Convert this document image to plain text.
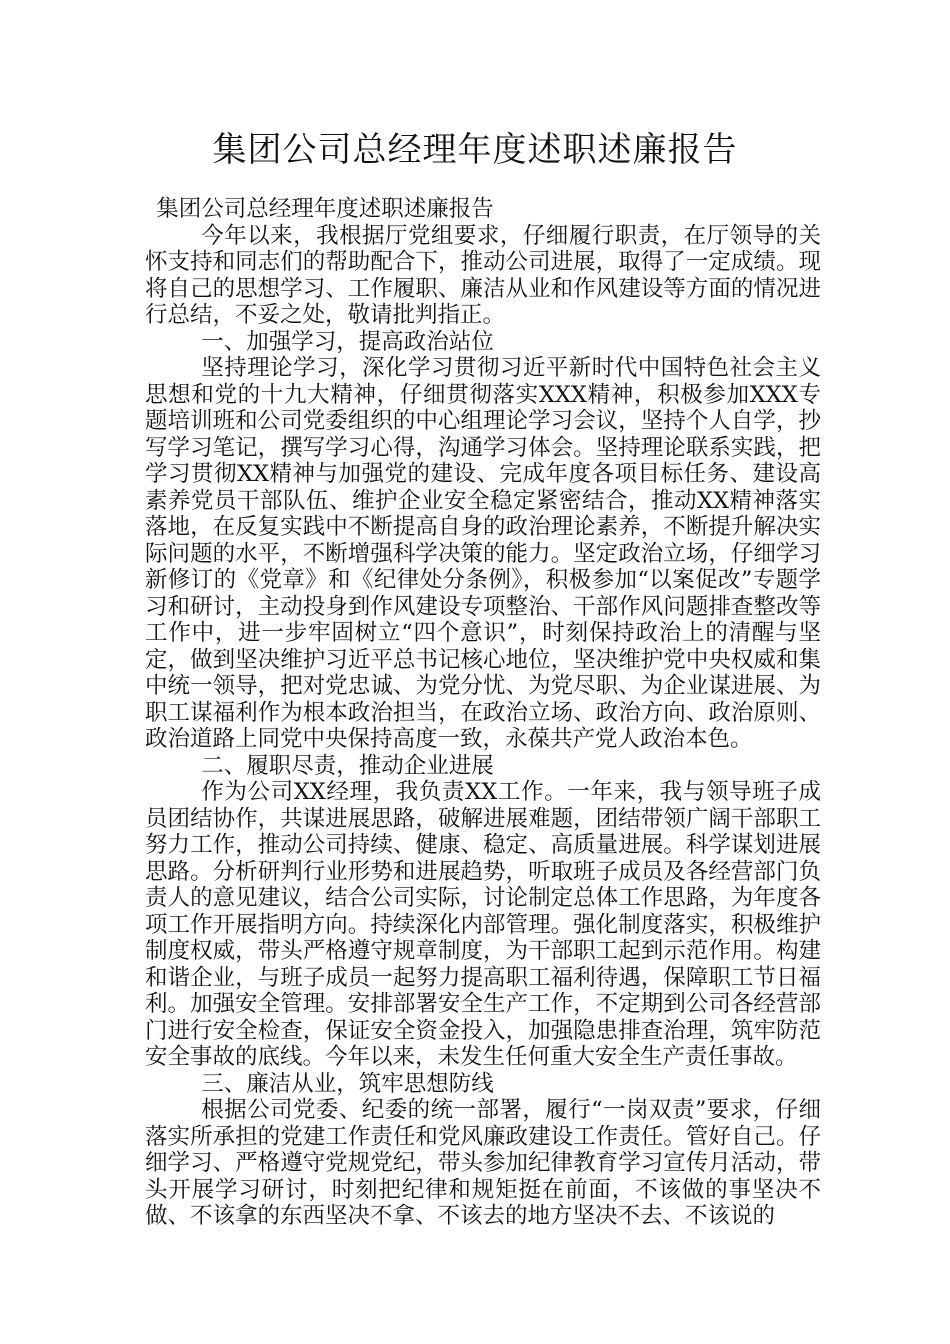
集团公司总经理年度述职述廉报告

集团公司总经理年度述职述廉报告

今年以来，我根据厅党组要求，仔细履行职责，在厅领导的关怀支持和同志们的帮助配合下，推动公司进展，取得了一定成绩。现将自己的思想学习、工作履职、廉洁从业和作风建设等方面的情况进行总结，不妥之处，敬请批判指正。

一、加强学习，提高政治站位

坚持理论学习，深化学习贯彻习近平新时代中国特色社会主义思想和党的十九大精神，仔细贯彻落实XXX精神，积极参加XXX专题培训班和公司党委组织的中心组理论学习会议，坚持个人自学，抄写学习笔记，撰写学习心得，沟通学习体会。坚持理论联系实践，把学习贯彻XX精神与加强党的建设、完成年度各项目标任务、建设高素养党员干部队伍、维护企业安全稳定紧密结合，推动XX精神落实落地，在反复实践中不断提高自身的政治理论素养，不断提升解决实际问题的水平，不断增强科学决策的能力。坚定政治立场，仔细学习新修订的《党章》和《纪律处分条例》，积极参加“以案促改”专题学习和研讨，主动投身到作风建设专项整治、干部作风问题排查整改等工作中，进一步牢固树立“四个意识”，时刻保持政治上的清醒与坚定，做到坚决维护习近平总书记核心地位，坚决维护党中央权威和集中统一领导，把对党忠诚、为党分忧、为党尽职、为企业谋进展、为职工谋福利作为根本政治担当，在政治立场、政治方向、政治原则、政治道路上同党中央保持高度一致，永葆共产党人政治本色。

二、履职尽责，推动企业进展

作为公司XX经理，我负责XX工作。一年来，我与领导班子成员团结协作，共谋进展思路，破解进展难题，团结带领广阔干部职工努力工作，推动公司持续、健康、稳定、高质量进展。科学谋划进展思路。分析研判行业形势和进展趋势，听取班子成员及各经营部门负责人的意见建议，结合公司实际，讨论制定总体工作思路，为年度各项工作开展指明方向。持续深化内部管理。强化制度落实，积极维护制度权威，带头严格遵守规章制度，为干部职工起到示范作用。构建和谐企业，与班子成员一起努力提高职工福利待遇，保障职工节日福利。加强安全管理。安排部署安全生产工作，不定期到公司各经营部门进行安全检查，保证安全资金投入，加强隐患排查治理，筑牢防范安全事故的底线。今年以来，未发生任何重大安全生产责任事故。

三、廉洁从业，筑牢思想防线

根据公司党委、纪委的统一部署，履行“一岗双责”要求，仔细落实所承担的党建工作责任和党风廉政建设工作责任。管好自己。仔细学习、严格遵守党规党纪，带头参加纪律教育学习宣传月活动，带头开展学习研讨，时刻把纪律和规矩挺在前面，不该做的事坚决不做、不该拿的东西坚决不拿、不该去的地方坚决不去、不该说的
